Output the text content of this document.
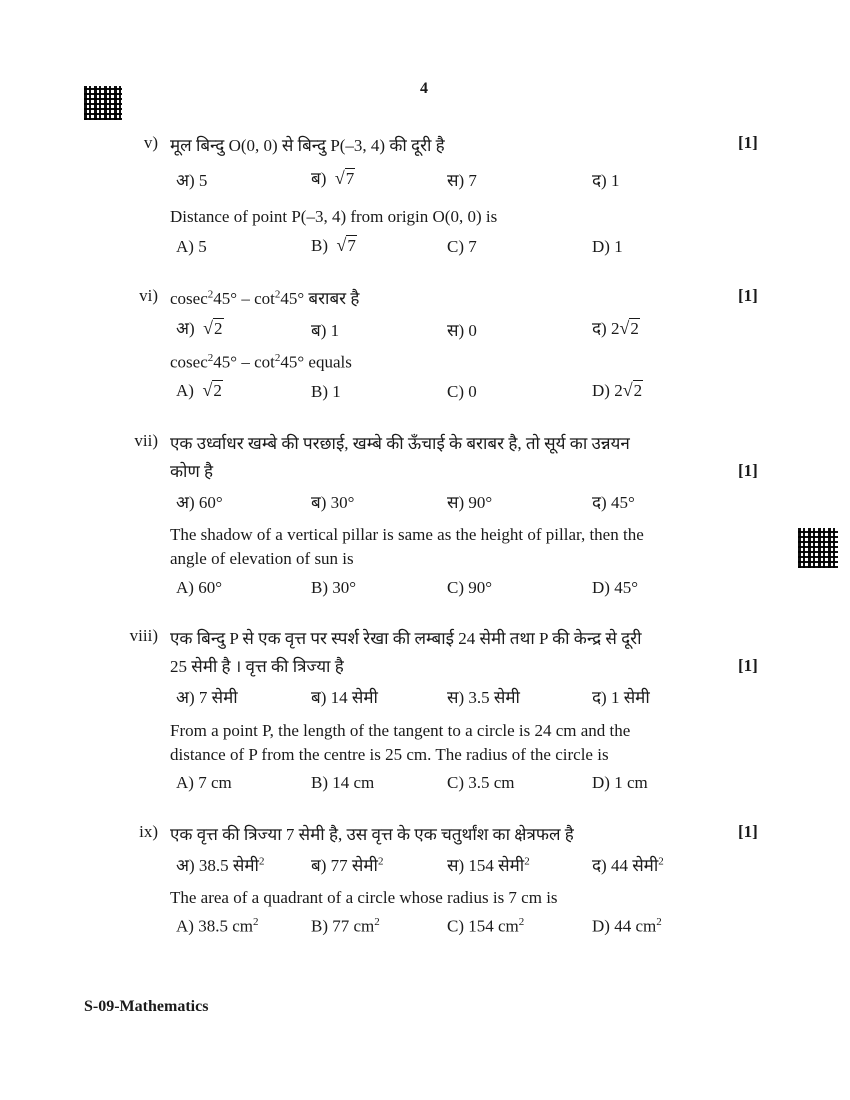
4
v) मूल बिन्दु O(0, 0) से बिन्दु P(–3, 4) की दूरी है	[1]
अ) 5	ब) √7	स) 7	द) 1
Distance of point P(–3, 4) from origin O(0, 0) is
A) 5	B) √7	C) 7	D) 1
vi) $cosec^245^\circ - \cot^245^\circ$ बराबर है	[1]
अ) √2	ब) 1	स) 0	द) 2√2
$cosec^245^\circ - \cot^245^\circ$ equals
A) √2	B) 1	C) 0	D) 2√2
vii) एक उर्ध्वाधर खम्बे की परछाई, खम्बे की ऊँचाई के बराबर है, तो सूर्य का उन्नयन
कोण है	[1]
अ) 60°	ब) 30°	स) 90°	द) 45°
The shadow of a vertical pillar is same as the height of pillar, then the
angle of elevation of sun is
A) 60°	B) 30°	C) 90°	D) 45°
viii) एक बिन्दु P से एक वृत्त पर स्पर्श रेखा की लम्बाई 24 सेमी तथा P की केन्द्र से दूरी
25 सेमी है । वृत्त की त्रिज्या है	[1]
अ) 7 सेमी	ब) 14 सेमी	स) 3.5 सेमी	द) 1 सेमी
From a point P, the length of the tangent to a circle is 24 cm and the
distance of P from the centre is 25 cm. The radius of the circle is
A) 7 cm	B) 14 cm	C) 3.5 cm	D) 1 cm
ix) एक वृत्त की त्रिज्या 7 सेमी है, उस वृत्त के एक चतुर्थांश का क्षेत्रफल है	[1]
अ) 38.5 सेमी$^2$	ब) 77 सेमी$^2$	स) 154 सेमी$^2$	द) 44 सेमी$^2$
The area of a quadrant of a circle whose radius is 7 cm is
A) 38.5 $cm^2$	B) 77 $cm^2$	C) 154 $cm^2$	D) 44 $cm^2$
S-09-Mathematics
